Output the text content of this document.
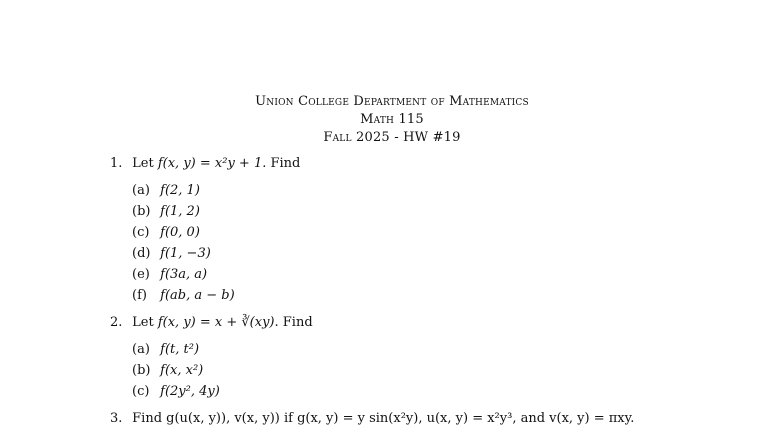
Union College Department of Mathematics
Math 115
Fall 2025 - HW #19
1. Let f(x, y) = x²y + 1. Find
(a) f(2, 1)
(b) f(1, 2)
(c) f(0, 0)
(d) f(1, −3)
(e) f(3a, a)
(f) f(ab, a − b)
2. Let f(x, y) = x + ∛(xy). Find
(a) f(t, t²)
(b) f(x, x²)
(c) f(2y², 4y)
3. Find g(u(x, y)), v(x, y)) if g(x, y) = y sin(x²y), u(x, y) = x²y³, and v(x, y) = πxy.
